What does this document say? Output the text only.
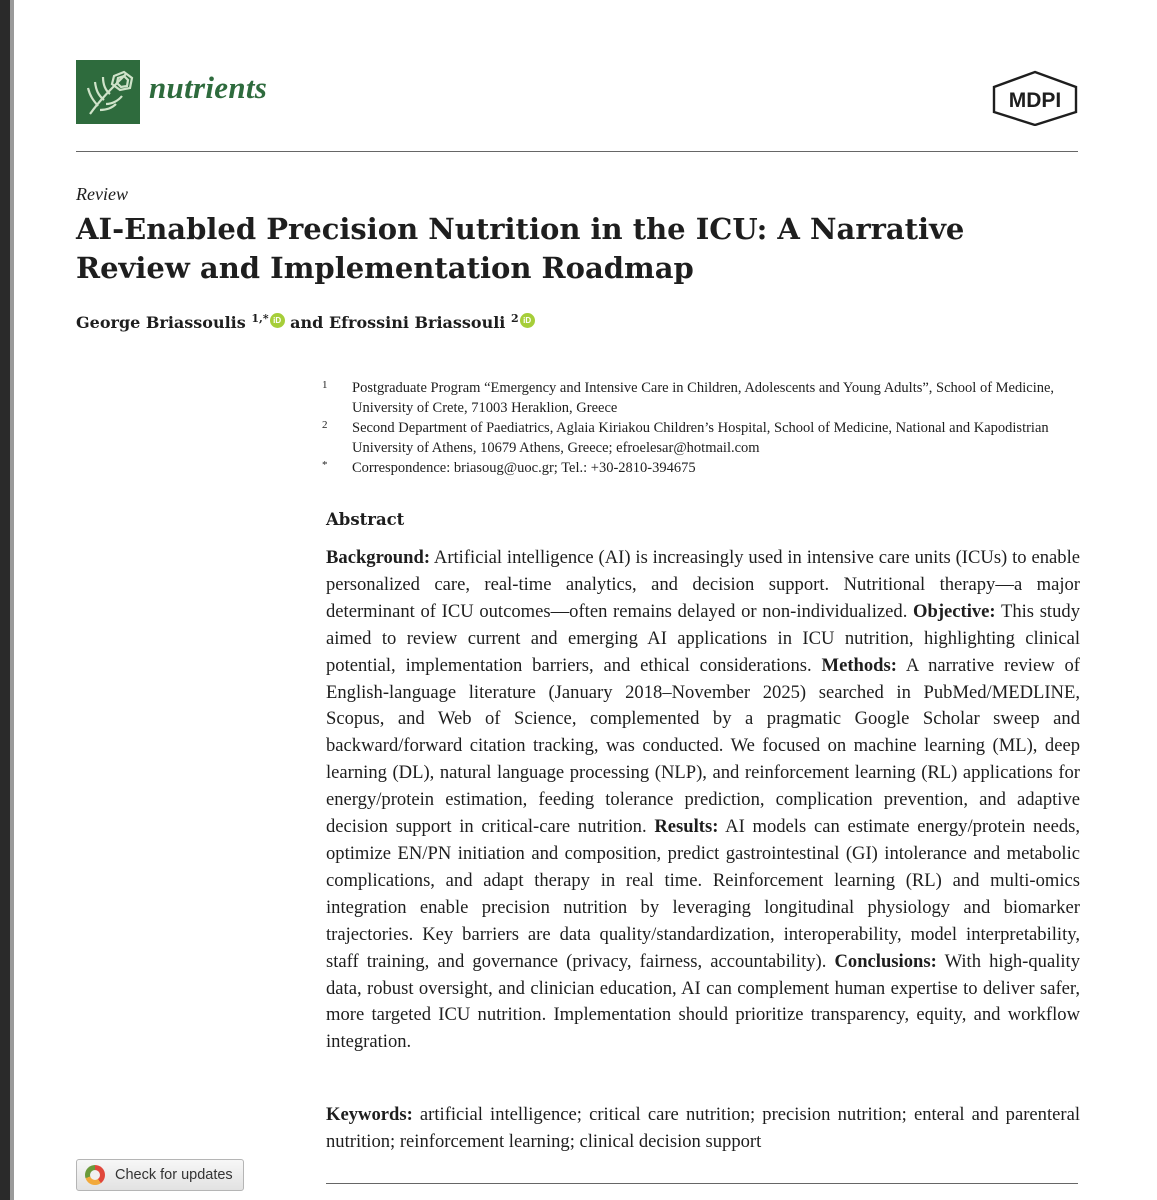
nutrients	MDPI
Review
AI-Enabled Precision Nutrition in the ICU: A Narrative Review and Implementation Roadmap
George Briassoulis $^{1,*}$ iD and Efrossini Briassouli $^2$ iD
1	Postgraduate Program “Emergency and Intensive Care in Children, Adolescents and Young Adults”, School of Medicine, University of Crete, 71003 Heraklion, Greece
2	Second Department of Paediatrics, Aglaia Kiriakou Children’s Hospital, School of Medicine, National and Kapodistrian University of Athens, 10679 Athens, Greece; efroelesar@hotmail.com
*	Correspondence: briasoug@uoc.gr; Tel.: +30-2810-394675
Abstract

Background: Artificial intelligence (AI) is increasingly used in intensive care units (ICUs) to enable personalized care, real-time analytics, and decision support. Nutritional therapy—a major determinant of ICU outcomes—often remains delayed or non-individualized. Objective: This study aimed to review current and emerging AI applications in ICU nutrition, highlighting clinical potential, implementation barriers, and ethical considerations. Methods: A narrative review of English-language literature (January 2018–November 2025) searched in PubMed/MEDLINE, Scopus, and Web of Science, complemented by a pragmatic Google Scholar sweep and backward/forward citation tracking, was conducted. We focused on machine learning (ML), deep learning (DL), natural language processing (NLP), and reinforcement learning (RL) applications for energy/protein estimation, feeding tolerance prediction, complication prevention, and adaptive decision support in critical-care nutrition. Results: AI models can estimate energy/protein needs, optimize EN/PN initiation and composition, predict gastrointestinal (GI) intolerance and metabolic complications, and adapt therapy in real time. Reinforcement learning (RL) and multi-omics integration enable precision nutrition by leveraging longitudinal physiology and biomarker trajectories. Key barriers are data quality/standardization, interoperability, model interpretability, staff training, and governance (privacy, fairness, accountability). Conclusions: With high-quality data, robust oversight, and clinician education, AI can complement human expertise to deliver safer, more targeted ICU nutrition. Implementation should prioritize transparency, equity, and workflow integration.

Keywords: artificial intelligence; critical care nutrition; precision nutrition; enteral and parenteral nutrition; reinforcement learning; clinical decision support
Check for updates
